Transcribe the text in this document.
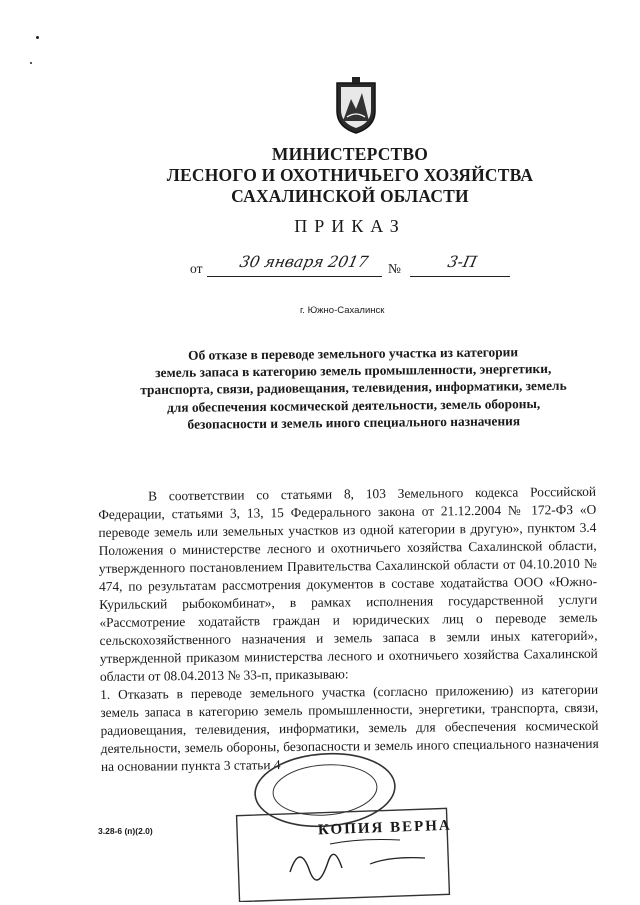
МИНИСТЕРСТВО
ЛЕСНОГО И ОХОТНИЧЬЕГО ХОЗЯЙСТВА
САХАЛИНСКОЙ ОБЛАСТИ
ПРИКАЗ
от 30 января 2017 №	3-П
г. Южно-Сахалинск
Об отказе в переводе земельного участка из категории
земель запаса в категорию земель промышленности, энергетики,
транспорта, связи, радиовещания, телевидения, информатики, земель
для обеспечения космической деятельности, земель обороны,
безопасности и земель иного специального назначения

В соответствии со статьями 8, 103 Земельного кодекса Российской Федерации, статьями 3, 13, 15 Федерального закона от 21.12.2004 № 172-ФЗ «О переводе земель или земельных участков из одной категории в другую», пунктом 3.4 Положения о министерстве лесного и охотничьего хозяйства Сахалинской области, утвержденного постановлением Правительства Сахалинской области от 04.10.2010 № 474, по результатам рассмотрения документов в составе ходатайства ООО «Южно-Курильский рыбокомбинат», в рамках исполнения государственной услуги «Рассмотрение ходатайств граждан и юридических лиц о переводе земель сельскохозяйственного назначения и земель запаса в земли иных категорий», утвержденной приказом министерства лесного и охотничьего хозяйства Сахалинской области от 08.04.2013 № 33-п, приказываю:

1. Отказать в переводе земельного участка (согласно приложению) из категории земель запаса в категорию земель промышленности, энергетики, транспорта, связи, радиовещания, телевидения, информатики, земель для обеспечения космической деятельности, земель обороны, безопасности и земель иного специального назначения на основании пункта 3 статьи 4

3.28-6 (п)(2.0)	КОПИЯ ВЕРНА
